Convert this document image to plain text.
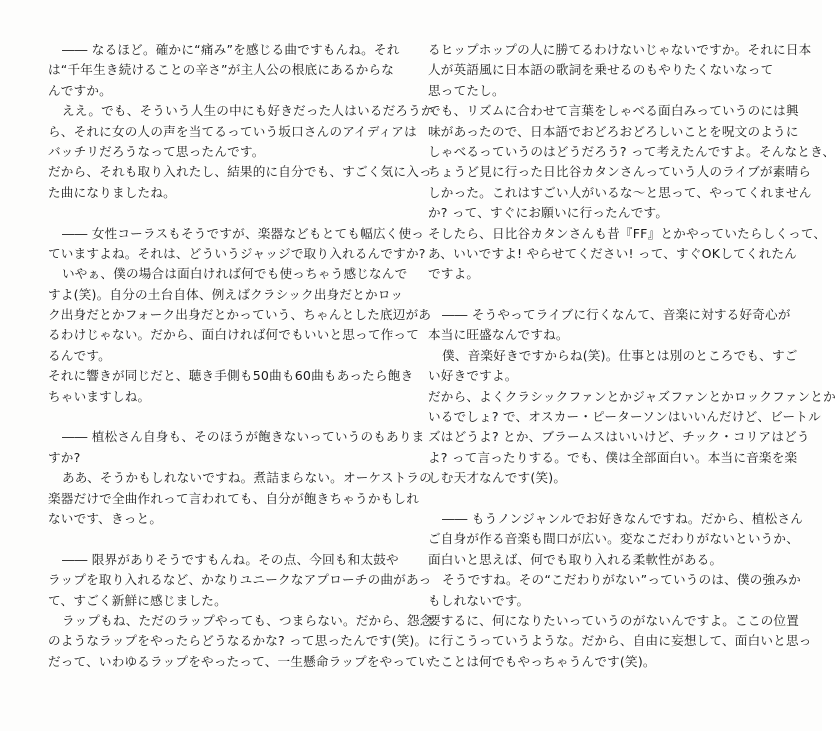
―― なるほど。確かに“痛み”を感じる曲ですもんね。それ
は“千年生き続けることの辛さ”が主人公の根底にあるからな
んですか。
ええ。でも、そういう人生の中にも好きだった人はいるだろうか
ら、それに女の人の声を当てるっていう坂口さんのアイディアは
バッチリだろうなって思ったんです。
だから、それも取り入れたし、結果的に自分でも、すごく気に入っ
た曲になりましたね。
―― 女性コーラスもそうですが、楽器などもとても幅広く使っ
ていますよね。それは、どういうジャッジで取り入れるんですか?
いやぁ、僕の場合は面白ければ何でも使っちゃう感じなんで
すよ(笑)。自分の土台自体、例えばクラシック出身だとかロッ
ク出身だとかフォーク出身だとかっていう、ちゃんとした底辺があ
るわけじゃない。だから、面白ければ何でもいいと思って作って
るんです。
それに響きが同じだと、聴き手側も50曲も60曲もあったら飽き
ちゃいますしね。
―― 植松さん自身も、そのほうが飽きないっていうのもありま
すか?
ああ、そうかもしれないですね。煮詰まらない。オーケストラの
楽器だけで全曲作れって言われても、自分が飽きちゃうかもしれ
ないです、きっと。
―― 限界がありそうですもんね。その点、今回も和太鼓や
ラップを取り入れるなど、かなりユニークなアプローチの曲があっ
て、すごく新鮮に感じました。
ラップもね、ただのラップやっても、つまらない。だから、怨念
のようなラップをやったらどうなるかな? って思ったんです(笑)。
だって、いわゆるラップをやったって、一生懸命ラップをやってい
るヒップホップの人に勝てるわけないじゃないですか。それに日本
人が英語風に日本語の歌詞を乗せるのもやりたくないなって
思ってたし。
でも、リズムに合わせて言葉をしゃべる面白みっていうのには興
味があったので、日本語でおどろおどろしいことを呪文のように
しゃべるっていうのはどうだろう? って考えたんですよ。そんなとき、
ちょうど見に行った日比谷カタンさんっていう人のライブが素晴ら
しかった。これはすごい人がいるな〜と思って、やってくれません
か? って、すぐにお願いに行ったんです。
そしたら、日比谷カタンさんも昔『FF』とかやっていたらしくって、
あ、いいですよ! やらせてください! って、すぐOKしてくれたん
ですよ。
―― そうやってライブに行くなんて、音楽に対する好奇心が
本当に旺盛なんですね。
僕、音楽好きですからね(笑)。仕事とは別のところでも、すご
い好きですよ。
だから、よくクラシックファンとかジャズファンとかロックファンとか
いるでしょ? で、オスカー・ピーターソンはいいんだけど、ビートル
ズはどうよ? とか、ブラームスはいいけど、チック・コリアはどう
よ? って言ったりする。でも、僕は全部面白い。本当に音楽を楽
しむ天才なんです(笑)。
―― もうノンジャンルでお好きなんですね。だから、植松さん
ご自身が作る音楽も間口が広い。変なこだわりがないというか、
面白いと思えば、何でも取り入れる柔軟性がある。
そうですね。その“こだわりがない”っていうのは、僕の強みか
もしれないです。
要するに、何になりたいっていうのがないんですよ。ここの位置
に行こうっていうような。だから、自由に妄想して、面白いと思っ
たことは何でもやっちゃうんです(笑)。
